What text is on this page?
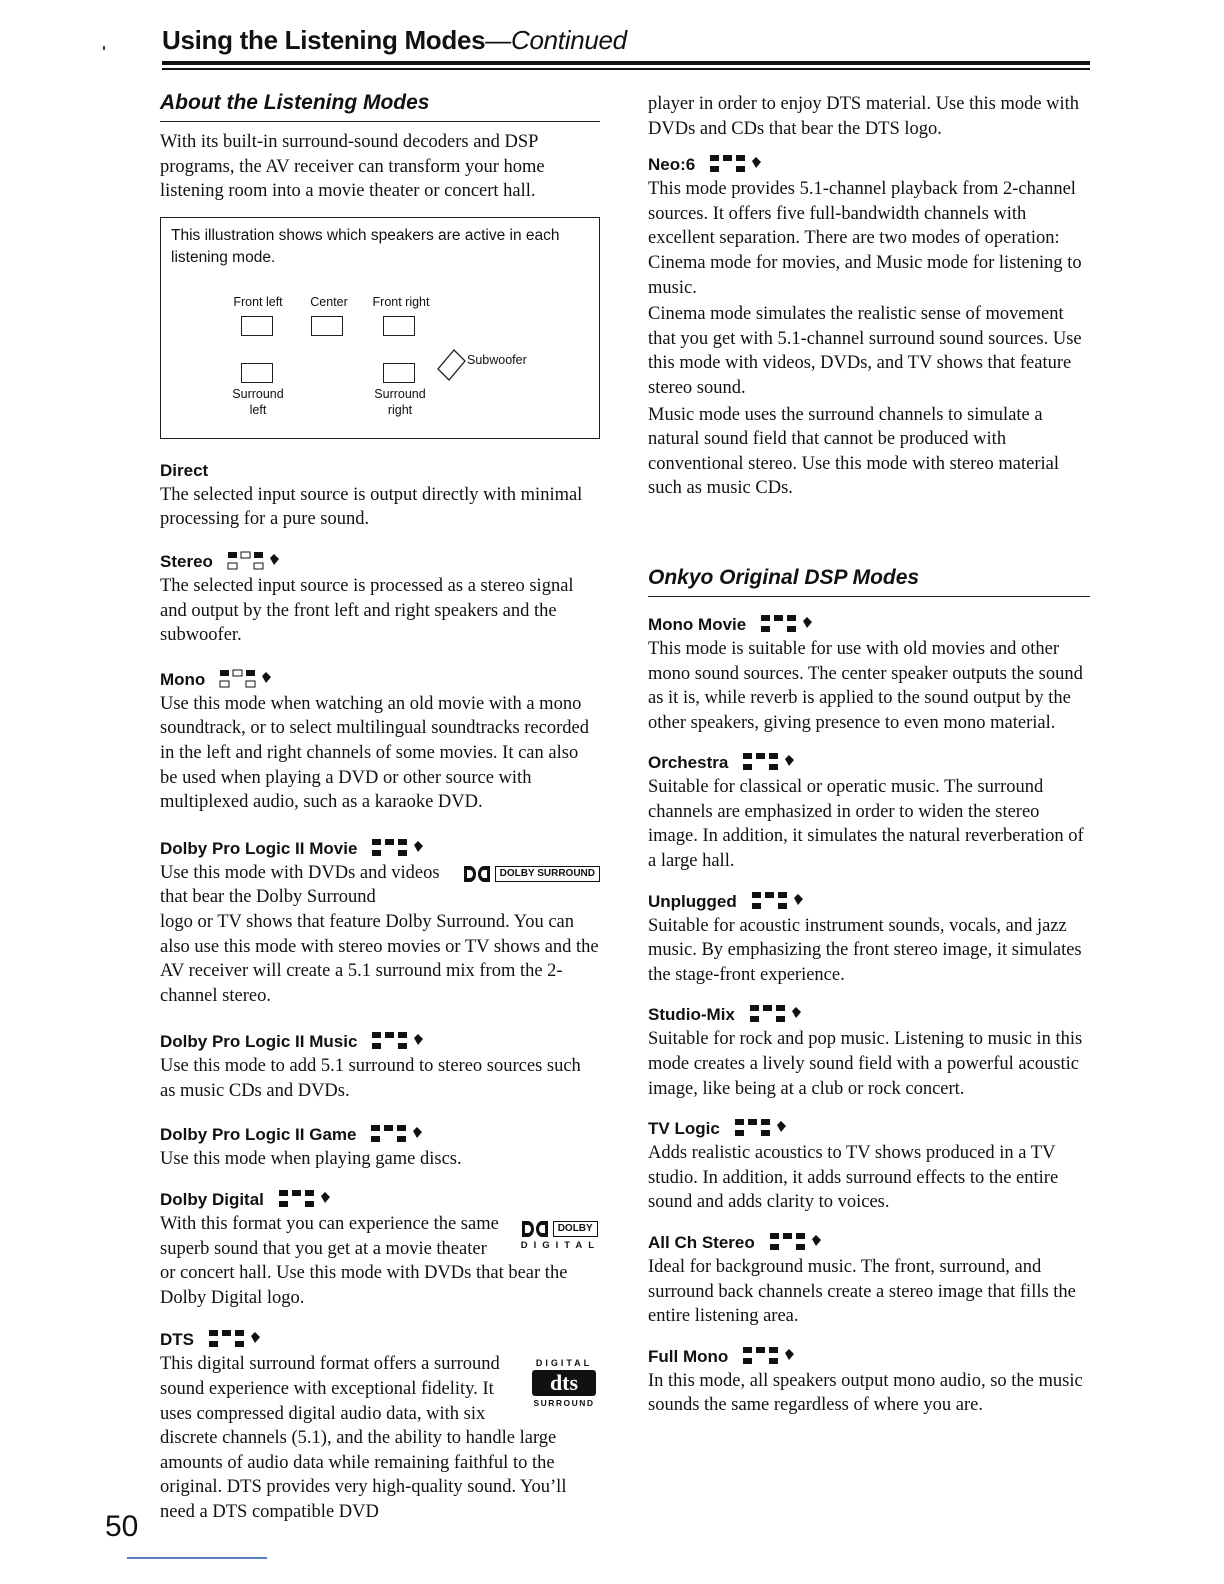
Using the Listening Modes—Continued
About the Listening Modes

With its built-in surround-sound decoders and DSP programs, the AV receiver can transform your home listening room into a movie theater or concert hall.

This illustration shows which speakers are active in each listening mode.
Front left	Center	Front right
Subwoofer
Surround
left
Surround
right
Direct

The selected input source is output directly with minimal processing for a pure sound.

Stereo

The selected input source is processed as a stereo signal and output by the front left and right speakers and the subwoofer.

Mono

Use this mode when watching an old movie with a mono soundtrack, or to select multilingual soundtracks recorded in the left and right channels of some movies. It can also be used when playing a DVD or other source with multiplexed audio, such as a karaoke DVD.

Dolby Pro Logic II Movie
DOLBY SURROUND

Use this mode with DVDs and videos that bear the Dolby Surround

logo or TV shows that feature Dolby Surround. You can also use this mode with stereo movies or TV shows and the AV receiver will create a 5.1 surround mix from the 2-channel stereo.

Dolby Pro Logic II Music

Use this mode to add 5.1 surround to stereo sources such as music CDs and DVDs.

Dolby Pro Logic II Game

Use this mode when playing game discs.

Dolby Digital
DOLBY
DIGITAL

With this format you can experience the same superb sound that you get at a movie theater or concert hall. Use this mode with DVDs that bear the Dolby Digital logo.

DTS
DIGITAL
dts
SURROUND

This digital surround format offers a surround sound experience with exceptional fidelity. It uses compressed digital audio data, with six discrete channels (5.1), and the ability to handle large amounts of audio data while remaining faithful to the original. DTS provides very high-quality sound. You’ll need a DTS compatible DVD

player in order to enjoy DTS material. Use this mode with DVDs and CDs that bear the DTS logo.

Neo:6

This mode provides 5.1-channel playback from 2-channel sources. It offers five full-bandwidth channels with excellent separation. There are two modes of operation: Cinema mode for movies, and Music mode for listening to music.

Cinema mode simulates the realistic sense of movement that you get with 5.1-channel surround sound sources. Use this mode with videos, DVDs, and TV shows that feature stereo sound.

Music mode uses the surround channels to simulate a natural sound field that cannot be produced with conventional stereo. Use this mode with stereo material such as music CDs.

Onkyo Original DSP Modes
Mono Movie

This mode is suitable for use with old movies and other mono sound sources. The center speaker outputs the sound as it is, while reverb is applied to the sound output by the other speakers, giving presence to even mono material.

Orchestra

Suitable for classical or operatic music. The surround channels are emphasized in order to widen the stereo image. In addition, it simulates the natural reverberation of a large hall.

Unplugged

Suitable for acoustic instrument sounds, vocals, and jazz music. By emphasizing the front stereo image, it simulates the stage-front experience.

Studio-Mix

Suitable for rock and pop music. Listening to music in this mode creates a lively sound field with a powerful acoustic image, like being at a club or rock concert.

TV Logic

Adds realistic acoustics to TV shows produced in a TV studio. In addition, it adds surround effects to the entire sound and adds clarity to voices.

All Ch Stereo

Ideal for background music. The front, surround, and surround back channels create a stereo image that fills the entire listening area.

Full Mono

In this mode, all speakers output mono audio, so the music sounds the same regardless of where you are.

50
